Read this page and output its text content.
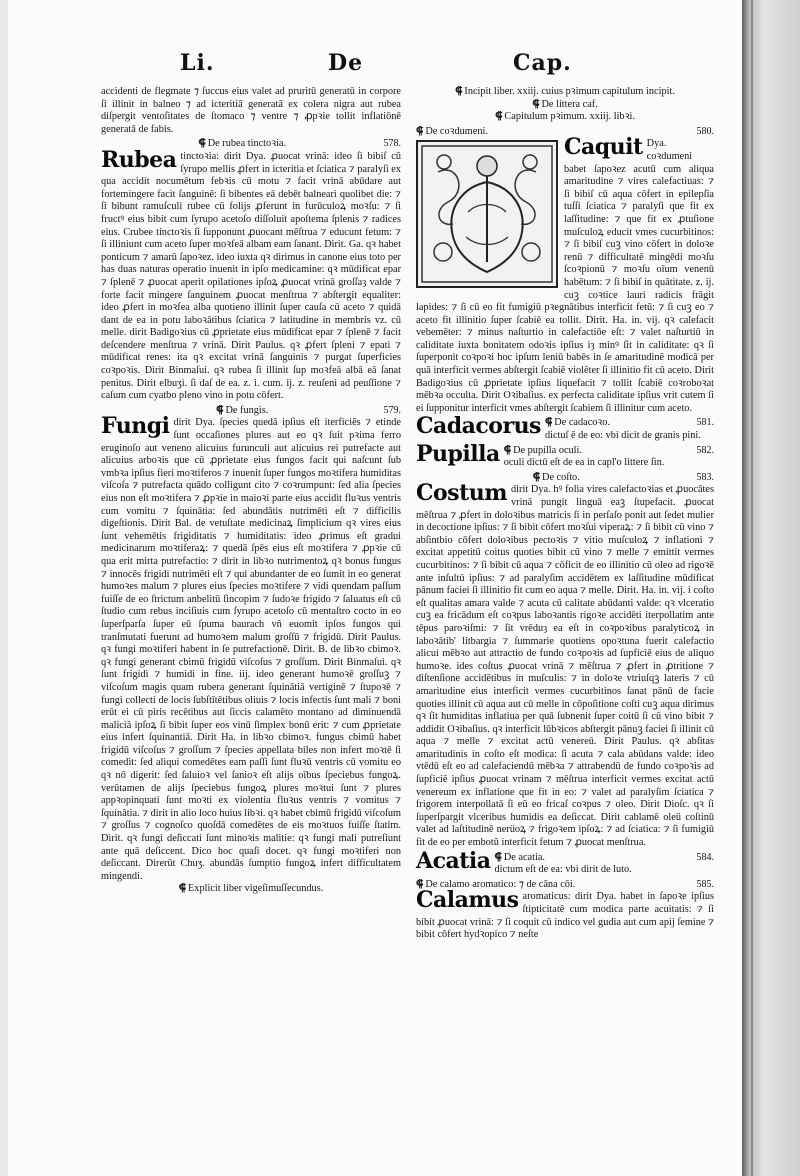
Li.	De	Cap.

accidenti de flegmate ⁊ ſuccus eius valet ad pruritū generatū in corpore ſi illinit in balneo ⁊ ad icteritiā generatā ex colera nigra aut rubea diſpergit ventoſitates de ſtomaco ⁊ ventre ⁊ ꝓpꝛie tollit inflatiōnē generatā de fabis.

⸿ De rubea tinctoꝛia.	578.

Rubea tinctoꝛia: dirit Dya. ꝓuocat vrinā: ideo ſi bibiſ cū ſyrupo mellis ꝓfert in icteritia et ſciatica ⁊ paralyſi ex qua accidit nocumētum febꝛis cū motu ⁊ facit vrinā abūdare aut fortemingere facit ſanguinē: ſi bibentes eā debēt balneari quolibet die: ⁊ ſi bibunt ramuſculi rubee cū folijs ꝓferunt in furūculoꝝ moꝛſu: ⁊ ſi fructꝰ eius bibit cum ſyrupo acetoſo diſſoluit apoſtema ſplenis ⁊ radices eius. Crubee tinctoꝛis ſi ſupponunt ꝓuocant mēſtrua ⁊ educunt fetum: ⁊ ſi illiniunt cum aceto ſuper moꝛfeā albam eam ſanant. Dirit. Ga. qꝛ habet ponticum ⁊ amarū ſapoꝛez. ideo iuxta qꝛ dirimus in canone eius toto per has duas naturas operatio inuenit in ipſo medicamine: qꝛ mūdificat epar ⁊ ſplenē ⁊ ꝓuocat aperit opilationes ipſoꝝ ꝓuocat vrinā groſſaȝ valde ⁊ forte facit mingere ſanguinem ꝓuocat menſtrua ⁊ abſtergit equaliter: ideo ꝓfert in moꝛfea alba quotieno illinit ſuper cauſa cū aceto ⁊ quidā dant de ea in potu laboꝛātibus ſciatica ⁊ latitudine in membris vz. cū melle. dirit Badigoꝛius cū ꝓprietate eius mūdificat epar ⁊ ſplenē ⁊ facit deſcendere menſtrua ⁊ vrinā. Dirit Paulus. qꝛ ꝓfert ſpleni ⁊ epati ⁊ mūdificat renes: ita qꝛ excitat vrinā ſanguinis ⁊ purgat ſuperficies coꝛpoꝛis. Dirit Binmaſui. qꝛ rubea ſi illinit ſup moꝛfeā albā eā ſanat penitus. Dirit elbuʒi. ſi daſ de ea. z. i. cum. ij. z. reuſeni ad peuſſione ⁊ caſum cum cyatbo pleno vino in potu cōfert.

⸿ De fungis.	579.

Fungi dirit Dya. ſpecies quedā ipſius eſt iterficiēs ⁊ etinde ſunt occaſiones plures aut eo qꝛ ſuit pꝛima ferro eruginoſo aut veneno alicuius furunculi aut alicuius rei putrefacte aut alicuius arboꝛis que cū ꝓprietate eius fungos facit qui naſcunt ſub vmbꝛa ipſius fieri moꝛtiferos ⁊ inuenit ſuper fungos moꝛtifera humiditas viſcoſa ⁊ putrefacta quādo colligunt cito ⁊ coꝛrumpunt: ſed alia ſpecies eius non eſt moꝛtifera ⁊ ꝓpꝛie in maioꝛi parte eius accidit fluꝛus ventris cum vomitu ⁊ ſquinātia: ſed abundātis nutrimēti eſt ⁊ difficilis digeſtionis. Dirit Bal. de vetuſtate medicinaꝝ ſimplicium qꝛ vires eius ſunt vehemētis frigiditatis ⁊ humiditatis: ideo ꝓrimus eſt gradui medicinarum moꝛtiferaꝝ: ⁊ quedā ſpēs eius eſt moꝛtifera ⁊ ꝓpꝛie cū qua erit mirta putrefactio: ⁊ dirit in libꝛo nutrimentoꝝ qꝛ bonus fungus ⁊ innocēs frigidi nutrimēti eſt ⁊ qui abundanter de eo ſumit in eo generat humoꝛes malum ⁊ plures eius ſpecies moꝛtifere ⁊ vidi quendam paſſum fuiſſe de eo ſtrictum anbelitū ſincopim ⁊ ſudoꝛe frigido ⁊ ſaluatus eſt cū ſtudio cum rebus inciſiuis cum ſyrupo acetoſo cū mentaſtro cocto in eo ſuperſparſa ſuper eū ſpuma baurach vñ euomit ipſos fungos qui tranſmutati fuerunt ad humoꝛem malum groſſū ⁊ frigidū. Dirit Paulus. qꝛ fungi moꝛtiferi habent in ſe putrefactionē. Dirit. B. de libꝛo cbimoꝛ. qꝛ fungi generant cbimū frigidū viſcoſus ⁊ groſſum. Dirit Binmaſui. qꝛ ſunt frigidi ⁊ humidi in fine. iij. ideo generant humoꝛē groſſuꝫ ⁊ viſcoſum magis quam rubera generant ſquinātiā vertiginē ⁊ ſtupoꝛē ⁊ fungi collecti de locis ſubſtītētibus oliuis ⁊ locis infectis ſunt mali ⁊ boni erūt ei cū piris recētibus aut ſiccis calamēto montano ad diminuendā maliciā ipſoꝝ ſi bibit ſuper eos vinū ſimplex bonū erit: ⁊ cum ꝓprietate eius infert ſquinantiā. Dirit Ha. in libꝛo cbimoꝛ. fungus cbimū habet frigidū viſcoſus ⁊ groſſum ⁊ ſpecies appellata biles non infert moꝛtē ſi comedit: ſed aliqui comedētes eam paſſi ſunt fluꝛū ventris cū vomitu eo qꝛ nō digerit: ſed ſaluioꝛ vel ſanioꝛ eſt alijs oībus ſpeciebus fungoꝝ. verūtamen de alijs ſpeciebus fungoꝝ plures moꝛtui ſunt ⁊ plures appꝛopinquati ſunt moꝛti ex violentia fluꝛus ventris ⁊ vomitus ⁊ ſquinātia. ⁊ dirit in alio loco huius libꝛi. qꝛ habet cbimū frigidū viſcoſum ⁊ groſſus ⁊ cognoſco quoſdā comedētes de eis moꝛtuos fuiſſe ſtatim. Dirit. qꝛ fungi deſiccati ſunt minoꝛis malitie: qꝛ fungi mali putreſiunt ante quā deſiccent. Dico hoc quaſi docet. qꝛ fungi moꝛtiferi non deſiccant. Direrūt Chuʒ. abundās ſumptio fungoꝝ infert difficultatem mingendi.

⸿ Explicit liber vigeſimuſſecundus.

⸿ Incipit liber. xxiij. cuius pꝛimum capitulum incipit.

⸿ De littera caf.

⸿ Capitulum pꝛimum. xxiij. libꝛi.

⸿ De coꝛdumeni.	580.

Caquit Dya. coꝛdumeni babet ſapoꝛez acutū cum aliqua amaritudine ⁊ vires calefactiuas: ⁊ ſi bibiſ cū aqua cōfert in epilepſia tuſſi ſciatica ⁊ paralyſi que fit ex laſſitudine: ⁊ que fit ex ꝓtuſione muſculoꝝ educit vmes cucurbitinos: ⁊ ſi bibiſ cuꝫ vino cōfert in doloꝛe renū ⁊ difficultatē mingēdi moꝛſu ſcoꝛpionū ⁊ moꝛſu oīum venenū habētum: ⁊ ſi bibiſ in quātitate. z. ij. cuꝫ coꝛtice lauri radicis frāgit lapides: ⁊ ſi cū eo fit fumigiū pꝛegnātibus interficit fetū: ⁊ ſi cuꝫ eo ⁊ aceto fit illinitio ſuper ſcabiē ea tollit. Dirit. Ha. in. vij. qꝛ calefacit vebemēter: ⁊ minus naſturtio in calefactiōe eſt: ⁊ valet naſturtiū in caliditate iuxta bonitatem odoꝛis ipſius iȝ minꝰ ſit in caliditate: qꝛ ſi ſuperponit coꝛpoꝛi hoc ipſum leniū babēs in ſe amaritudinē modicā per quā interficit vermes abſtergit ſcabiē violēter ſi illinitio fit cū aceto. Dirit Badigoꝛius cū ꝓprietate ipſius liquefacit ⁊ tollit ſcabiē coꝛroboꝛat mēbꝛa occulta. Dirit Oꝛibaſius. ex perfecta caliditate ipſius vrit cutem ſi ei ſupponitur interficit vmes abſtergit ſcabiem ſi illinitur cum aceto.

Cadacorus ⸿ De cadacoꝛo.	581.

dictuſ ē de eo: vbi dicit de granis pini.

Pupilla ⸿ De pupilla oculi.	582.

oculi dictū eſt de ea in capl'o littere ſin.

⸿ De coſto.	583.

Costum dirit Dya. hꝰ folia vires calefactoꝛias et ꝓuocātes vrinā pungit linguā eaꝫ ſtupefacit. ꝓuocat mēſtrua ⁊ ꝓfert in doloꝛibus matricis ſi in perſaſo ponit aut ſedet mulier in decoctione ipſius: ⁊ ſi bibit cōfert moꝛſui viperaꝝ: ⁊ ſi bibit cū vino ⁊ abſintbio cōfert doloꝛibus pectoꝛis ⁊ vitio muſculoꝝ ⁊ inflationi ⁊ excitat appetitū coitus quoties bibit cū vino ⁊ melle ⁊ emittit vermes cucurbitinos: ⁊ ſi bibit cū aqua ⁊ cōficit de eo illinitio cū oleo ad rigoꝛē ante inſultū ipſius: ⁊ ad paralyſim accidētem ex laſſitudine mūdificat pānum faciei ſi illinitio fit cum eo aqua ⁊ melle. Dirit. Ha. in. vij. i coſto eſt qualitas amara valde ⁊ acuta cū calitate abūdanti valde: qꝛ vlceratio cuꝫ ea fricādum eſt coꝛpus laboꝛantis rigoꝛe accidēti iterpollatim ante tēpus paroꝛiſmi: ⁊ ſit vrēduȝ ea eſt in coꝛpoꝛibus paralyticoꝝ in laboꝛātib' litbargia ⁊ ſummarie quotiens opoꝛtuna fuerit calefactio alicui mēbꝛo aut attractio de fundo coꝛpoꝛis ad ſupficiē eius de aliquo humoꝛe. ides coſtus ꝓuocat vrinā ⁊ mēſtrua ⁊ ꝓfert in ꝓtritione ⁊ diſtenſione accidētibus in muſculis: ⁊ in doloꝛe vtriuſqꝫ lateris ⁊ cū amaritudine eius interficit vermes cucurbitinos ſanat pānū de facie quoties illinit cū aqua aut cū melle in cōpoſitione coſti cuꝫ aqua dirimus qꝛ ſit humiditas inflatiua per quā ſubnenit ſuper coitū ſi cū vino bibit ⁊ addidit Oꝛibaſius. qꝛ interficit lūbꝛicos abſtergit pānuꝫ faciei ſi illinit cū aqua ⁊ melle ⁊ excitat actū venereū. Dirit Paulus. qꝛ abſitas amaritudinis in coſto eſt modica: ſi acuta ⁊ cala abūdans valde: ideo vtēdū eſt eo ad calefaciendū mēbꝛa ⁊ attrabendū de fundo coꝛpoꝛis ad ſupficiē ipſius ꝓuocat vrinam ⁊ mēſtrua interficit vermes excitat actū venereum ex inflatione que fit in eo: ⁊ valet ad paralyſim ſciatica ⁊ frigorem interpollatā ſi eū eo fricaſ coꝛpus ⁊ oleo. Dirit Dioſc. qꝛ ſi ſuperſpargit vlceribus humidis ea deſiccat. Dirit cablamē oleū coſtinū valet ad laſtitudinē nerüoꝝ ⁊ frigoꝛem ipſoꝝ: ⁊ ad ſciatica: ⁊ ſi fumigiū fit de eo per embotū interficit fetum ⁊ ꝓuocat menſtrua.

Acatia ⸿ De acatia.	584.

dictum eſt de ea: vbi dirit de luto.

⸿ De calamo aromatico: ⁊ de cāna cōi.	585.

Calamus aromaticus: dirit Dya. habet in ſapoꝛe ipſius ſtipticitatē cum modica parte acuitatis: ⁊ ſi bibit ꝓuocat vrinā: ⁊ ſi coquit cū indico vel gudia aut cum apij ſemine ⁊ bibit cōfert hydꝛopico ⁊ neſte
